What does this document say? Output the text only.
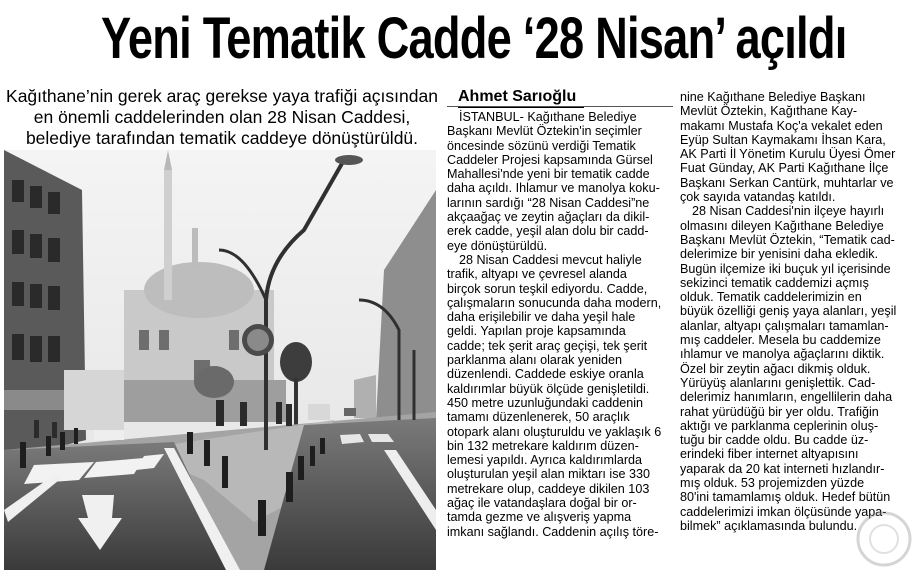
Yeni Tematik Cadde ‘28 Nisan’ açıldı
Kağıthane’nin gerek araç gerekse yaya trafiği açısından
en önemli caddelerinden olan 28 Nisan Caddesi,
belediye tarafından tematik caddeye dönüştürüldü.
Ahmet Sarıoğlu
İSTANBUL- Kağıthane Belediye
Başkanı Mevlüt Öztekin'in seçimler
öncesinde sözünü verdiği Tematik
Caddeler Projesi kapsamında Gürsel
Mahallesi'nde yeni bir tematik cadde
daha açıldı. Ihlamur ve manolya koku-
larının sardığı “28 Nisan Caddesi”ne
akçaağaç ve zeytin ağaçları da dikil-
erek cadde, yeşil alan dolu bir cadd-
eye dönüştürüldü.
28 Nisan Caddesi mevcut haliyle
trafik, altyapı ve çevresel alanda
birçok sorun teşkil ediyordu. Cadde,
çalışmaların sonucunda daha modern,
daha erişilebilir ve daha yeşil hale
geldi. Yapılan proje kapsamında
cadde; tek şerit araç geçişi, tek şerit
parklanma alanı olarak yeniden
düzenlendi. Caddede eskiye oranla
kaldırımlar büyük ölçüde genişletildi.
450 metre uzunluğundaki caddenin
tamamı düzenlenerek, 50 araçlık
otopark alanı oluşturuldu ve yaklaşık 6
bin 132 metrekare kaldırım düzen-
lemesi yapıldı. Ayrıca kaldırımlarda
oluşturulan yeşil alan miktarı ise 330
metrekare olup, caddeye dikilen 103
ağaç ile vatandaşlara doğal bir or-
tamda gezme ve alışveriş yapma
imkanı sağlandı. Caddenin açılış töre-
nine Kağıthane Belediye Başkanı
Mevlüt Öztekin, Kağıthane Kay-
makamı Mustafa Koç'a vekalet eden
Eyüp Sultan Kaymakamı İhsan Kara,
AK Parti İl Yönetim Kurulu Üyesi Ömer
Fuat Günday, AK Parti Kağıthane İlçe
Başkanı Serkan Cantürk, muhtarlar ve
çok sayıda vatandaş katıldı.
28 Nisan Caddesi'nin ilçeye hayırlı
olmasını dileyen Kağıthane Belediye
Başkanı Mevlüt Öztekin, “Tematik cad-
delerimize bir yenisini daha ekledik.
Bugün ilçemize iki buçuk yıl içerisinde
sekizinci tematik caddemizi açmış
olduk. Tematik caddelerimizin en
büyük özelliği geniş yaya alanları, yeşil
alanlar, altyapı çalışmaları tamamlan-
mış caddeler. Mesela bu caddemize
ıhlamur ve manolya ağaçlarını diktik.
Özel bir zeytin ağacı dikmiş olduk.
Yürüyüş alanlarını genişlettik. Cad-
delerimiz hanımların, engellilerin daha
rahat yürüdüğü bir yer oldu. Trafiğin
aktığı ve parklanma ceplerinin oluş-
tuğu bir cadde oldu. Bu cadde üz-
erindeki fiber internet altyapısını
yaparak da 20 kat interneti hızlandır-
mış olduk. 53 projemizden yüzde
80'ini tamamlamış olduk. Hedef bütün
caddelerimizi imkan ölçüsünde yapa-
bilmek” açıklamasında bulundu.
